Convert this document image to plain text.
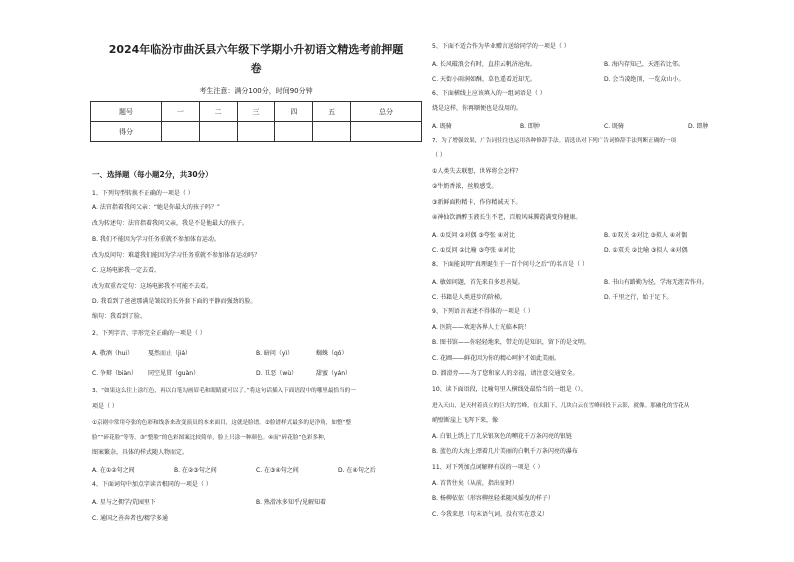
2024年临汾市曲沃县六年级下学期小升初语文精选考前押题
卷
考生注意：满分100分，时间90分钟
题号	一	二	三	四	五	总分
得分						
一、选择题（每小题2分，共30分）
1、下列句型转换不正确的一项是（ ）
A. 法官指着我问父亲：“她是你最大的孩子吗？”
改为转述句：法官指着我问父亲，我是不是他最大的孩子。
B. 我们不能因为学习任务重就不参加体育运动。
改为反问句：难道我们能因为学习任务重就不参加体育运动吗？
C. 这场电影我一定去看。
改为双重否定句：这场电影我不可能不去看。
D. 我看到了爸爸那满是皱纹的长外套下面的平静而强劲的脸。
缩句：我看到了脸。
2、下列字音、字形完全正确的一项是（ ）
A. 敬酒（hui） 戛然而止（jiá）	B. 暗问（yì）	蜘蛛（qǒ）
C. 争辩（biàn） 同空见贯（guàn）	D. 丑恶（wù）	甜蜜（yán）
3、“如果这么往上涂红色，再以白笔勾画眉毛和眼睛就可以了。”将这句话插入下面语段中的哪里最恰当的一
项是（ ）
①京剧中常用夸张的色彩和线条来改变演员的本来面目，这就是脸谱。②脸谱样式最多的是净角，如整“整
脸”“碎花脸”等等。③“整脸”的色彩图案比较简单，脸上只涂一种颜色。④而“碎花脸”色彩多种，
图案繁杂，具体的样式随人物而定。
A. 在①②句之间	B. 在②③句之间	C. 在③④句之间	D. 在④句之后
4、下面词句中加点字读音根同的一项是（ ）
A. 星与之拥学/荒园里下	B. 熟滑冰多知乎/见解知着
C. 通国之善奔者也/精学多通
5、下面不适合作为毕业赠言送给同学的一项是（ ）
A. 长风破浪会有时，直挂云帆济沧海。	B. 海内存知己，天涯若比邻。
C. 天街小雨润如酥，草色遥看近却无。	D. 会当凌绝顶，一览众山小。
6、下面横线上应该填入的一组词语是（ ）
烧是这样，你再顺便也是没用的。
A. 既骑	B. 即肿	C. 既骑	D. 即肿
7、为了增强效果，广告词往往也运用各种修辞手法。请选出对下列广告词修辞手法判断正确的一项
（ ）
①人类失去联想，世界将会怎样？
②牛奶香浓，丝般感受。
③新鲜面粉精卡，作你精诚天下。
④神仙饮酒醉玉液长生不老，百般风味腾霞满变你健康。
A. ①反问 ②对偶 ③夸张 ④对比	B. ①双关 ②对比 ③拟人 ④对偶
C. ①反问 ②比喻 ③夸张 ④对比	D. ①双关 ②比喻 ③拟人 ④对偶
8、下面能说明“真理诞生于一百个问号之后”的名言是（ ）
A. 敏如问题，首先来自多思善疑。	B. 书山有路勤为径，学海无涯苦作舟。
C. 书籍是人类进步的阶梯。	D. 千里之行，始于足下。
9、下列语言表述不得体的一项是（ ）
A. 医院——欢迎各界人士光临本院！
B. 图书馆——你轻轻地来，带走的是知识，留下的是文明。
C. 花圃——鲜花因为你的精心呵护才如此美丽。
D. 溜滑旁——为了您和家人的幸福，请注意交通安全。
10、读下面语段，比喻句里人横线处最恰当的一组是（）。
进入天山，是天村着真立的巨大的雪峰，在太阳下，几块白云在雪峰间投下云影，就像。那融化的雪花从
峭壁断崖上飞泻下来，像
A. 白银上绣上了几朵银灰色的嗍花千万条闪亮的银链
B. 蓝色的大海上漂着几片美丽的白帆千万条闪亮的瀑布
11、对下列加点词解释有误的一项是（ ）
A. 首昔往矣（从前，指出征时）
B. 杨柳依依（形容柳丝轻柔随风摇曳的样子）
C. 今我来思（句末语气词，没有实在意义）
